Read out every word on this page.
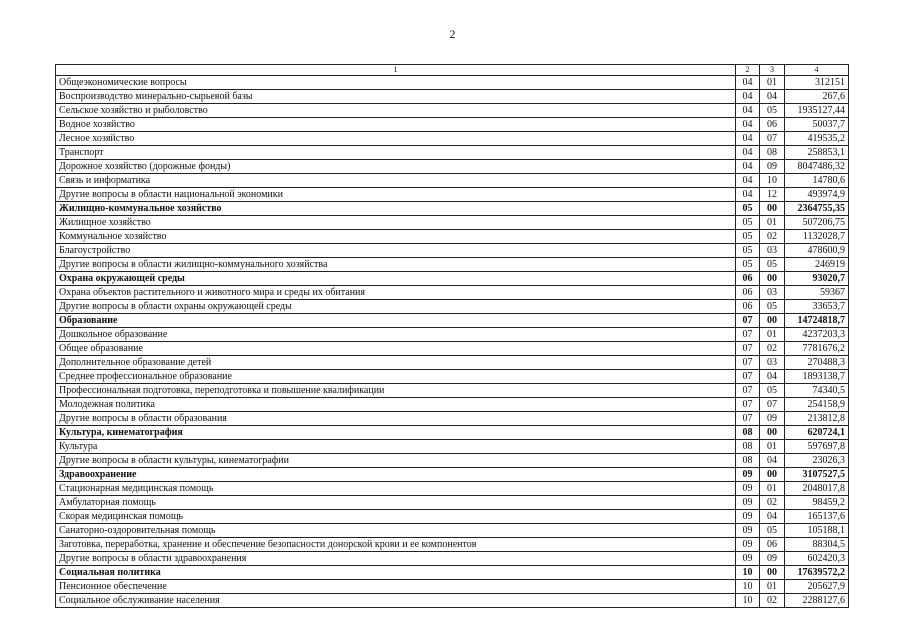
2
1	2	3	4
Общеэкономические вопросы	04	01	312151
Воспроизводство минерально-сырьевой базы	04	04	267,6
Сельское хозяйство и рыболовство	04	05	1935127,44
Водное хозяйство	04	06	50037,7
Лесное хозяйство	04	07	419535,2
Транспорт	04	08	258853,1
Дорожное хозяйство (дорожные фонды)	04	09	8047486,32
Связь и информатика	04	10	14780,6
Другие вопросы в области национальной экономики	04	12	493974,9
Жилищно-коммунальное хозяйство	05	00	2364755,35
Жилищное хозяйство	05	01	507206,75
Коммунальное хозяйство	05	02	1132028,7
Благоустройство	05	03	478600,9
Другие вопросы в области жилищно-коммунального хозяйства	05	05	246919
Охрана окружающей среды	06	00	93020,7
Охрана объектов растительного и животного мира и среды их обитания	06	03	59367
Другие вопросы в области охраны окружающей среды	06	05	33653,7
Образование	07	00	14724818,7
Дошкольное образование	07	01	4237203,3
Общее образование	07	02	7781676,2
Дополнительное образование детей	07	03	270488,3
Среднее профессиональное образование	07	04	1893138,7
Профессиональная подготовка, переподготовка и повышение квалификации	07	05	74340,5
Молодежная политика	07	07	254158,9
Другие вопросы в области образования	07	09	213812,8
Культура, кинематография	08	00	620724,1
Культура	08	01	597697,8
Другие вопросы в области культуры, кинематографии	08	04	23026,3
Здравоохранение	09	00	3107527,5
Стационарная медицинская помощь	09	01	2048017,8
Амбулаторная помощь	09	02	98459,2
Скорая медицинская помощь	09	04	165137,6
Санаторно-оздоровительная помощь	09	05	105188,1
Заготовка, переработка, хранение и обеспечение безопасности донорской крови и ее компонентов	09	06	88304,5
Другие вопросы в области здравоохранения	09	09	602420,3
Социальная политика	10	00	17639572,2
Пенсионное обеспечение	10	01	205627,9
Социальное обслуживание населения	10	02	2288127,6
